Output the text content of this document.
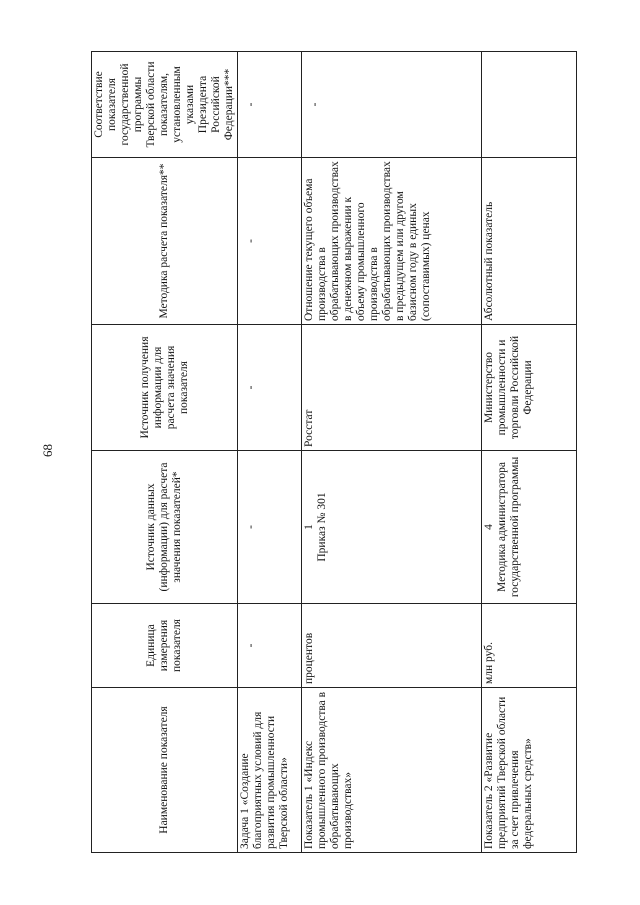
68
Наименование показателя	Единица измерения показателя	Источник данных (информации) для расчета значения показателей*	Источник получения информации для расчета значения показателя	Методика расчета показателя**	Соответствие показателя государственной программы Тверской области показателям, установленным указами Президента Российской Федерации***
Задача 1 «Создание благоприятных условий для развития промышленности Тверской области»	-	-	-	-	-

Показатель 1 «Индекс промышленного производства в обрабатывающих производствах»	процентов	1 Приказ № 301	Росстат	Отношение текущего объема производства в обрабатывающих производствах в денежном выражении к объему промышленного производства в обрабатывающих производствах в предыдущем или другом базисном году в единых (сопоставимых) ценах	-

Показатель 2 «Развитие предприятий Тверской области за счет привлечения федеральных средств»	млн руб.	4 Методика администратора государственной программы	Министерство промышленности и торговли Российской Федерации	Абсолютный показатель	
